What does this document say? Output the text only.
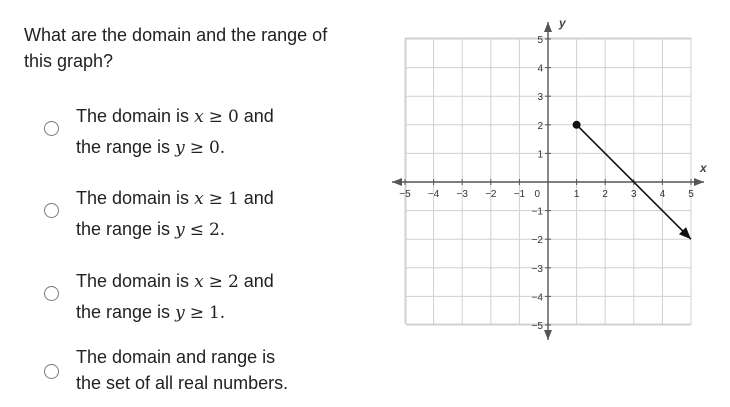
What are the domain and the range of this graph?
The domain is x ≥ 0 and
the range is y ≥ 0.
The domain is x ≥ 1 and
the range is y ≤ 2.
The domain is x ≥ 2 and
the range is y ≥ 1.
The domain and range is
the set of all real numbers.
x
y
−5 −4 −3 −2 −1	1 2 3 4 5
−5
−4
−3
−2
−1
1
2
3
4
5
0
